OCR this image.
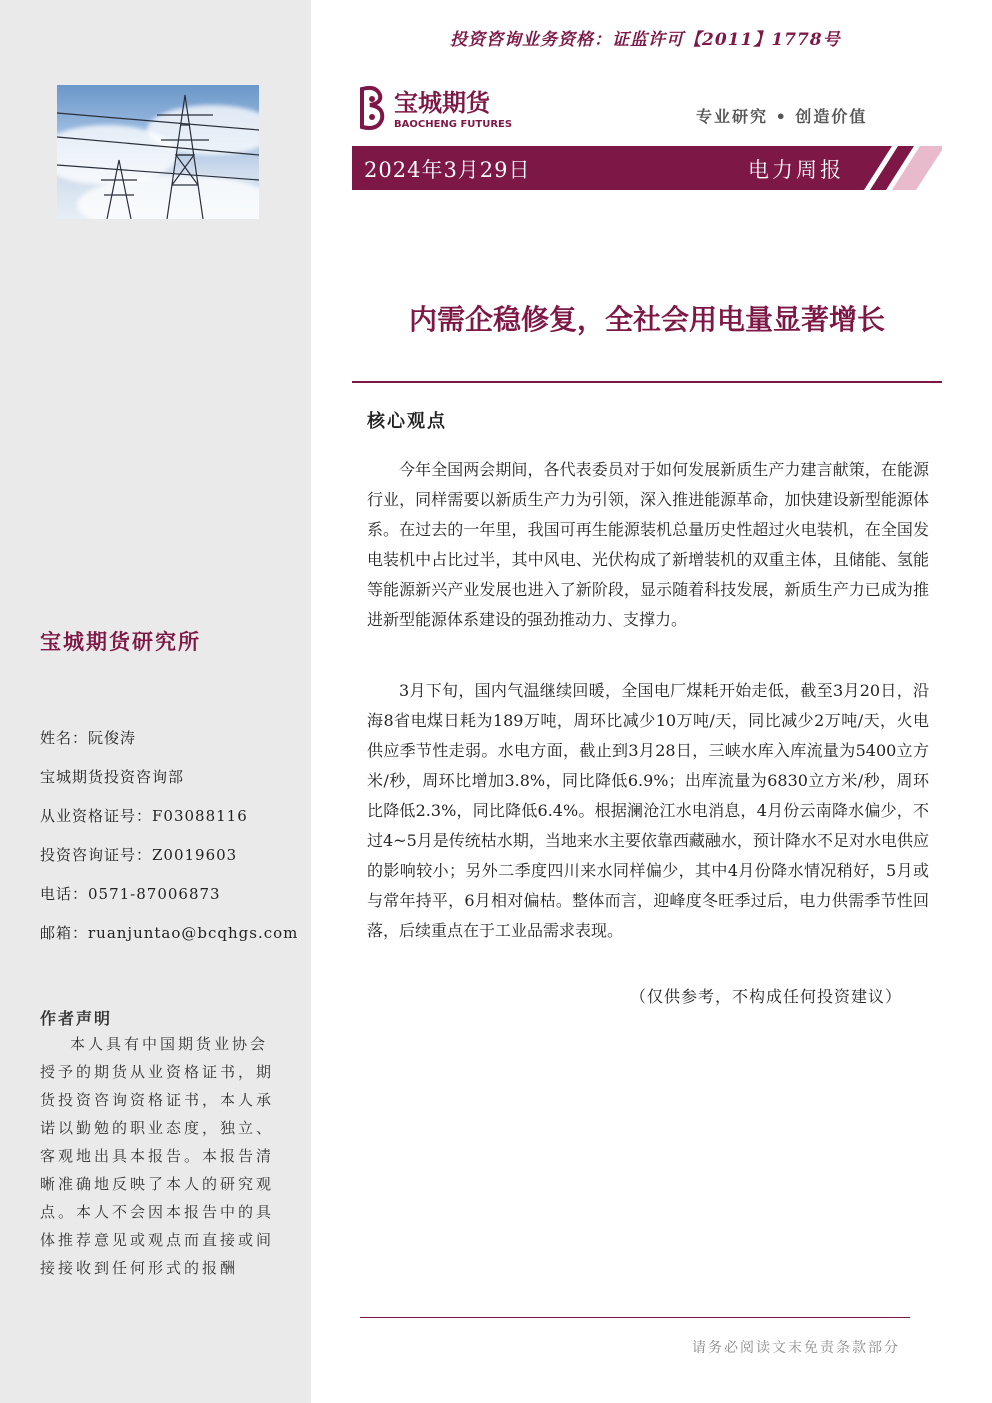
宝城期货研究所
姓名：阮俊涛
宝城期货投资咨询部
从业资格证号：F03088116
投资咨询证号：Z0019603
电话：0571-87006873
邮箱：ruanjuntao@bcqhgs.com
作者声明
本人具有中国期货业协会授予的期货从业资格证书，期货投资咨询资格证书，本人承诺以勤勉的职业态度，独立、客观地出具本报告。本报告清晰准确地反映了本人的研究观点。本人不会因本报告中的具体推荐意见或观点而直接或间接接收到任何形式的报酬
投资咨询业务资格：证监许可【2011】1778号
宝城期货
BAOCHENG FUTURES	专业研究 • 创造价值
2024年3月29日	电力周报
内需企稳修复，全社会用电量显著增长
核心观点
今年全国两会期间，各代表委员对于如何发展新质生产力建言献策，在能源行业，同样需要以新质生产力为引领，深入推进能源革命，加快建设新型能源体系。在过去的一年里，我国可再生能源装机总量历史性超过火电装机，在全国发电装机中占比过半，其中风电、光伏构成了新增装机的双重主体，且储能、氢能等能源新兴产业发展也进入了新阶段，显示随着科技发展，新质生产力已成为推进新型能源体系建设的强劲推动力、支撑力。
3月下旬，国内气温继续回暖，全国电厂煤耗开始走低，截至3月20日，沿海8省电煤日耗为189万吨，周环比减少10万吨/天，同比减少2万吨/天，火电供应季节性走弱。水电方面，截止到3月28日，三峡水库入库流量为5400立方米/秒，周环比增加3.8%，同比降低6.9%；出库流量为6830立方米/秒，周环比降低2.3%，同比降低6.4%。根据澜沧江水电消息，4月份云南降水偏少，不过4~5月是传统枯水期，当地来水主要依靠西藏融水，预计降水不足对水电供应的影响较小；另外二季度四川来水同样偏少，其中4月份降水情况稍好，5月或与常年持平，6月相对偏枯。整体而言，迎峰度冬旺季过后，电力供需季节性回落，后续重点在于工业品需求表现。
（仅供参考，不构成任何投资建议）
请务必阅读文末免责条款部分
